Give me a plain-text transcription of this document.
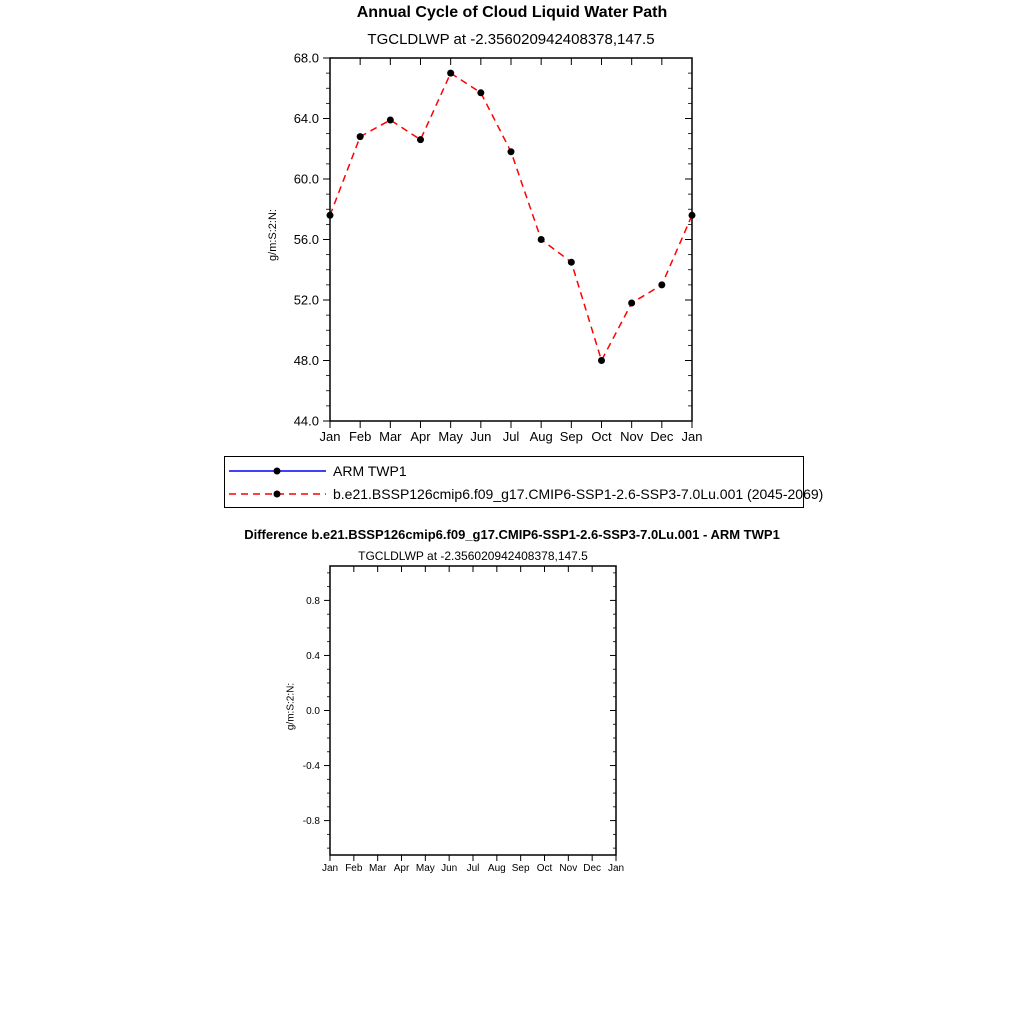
44.0
48.0
52.0
56.0
60.0
64.0
68.0
Jan Feb Mar Apr May Jun Jul Aug Sep Oct Nov Dec Jan
-0.8
-0.4
0.0
0.4
0.8
Jan Feb Mar Apr May Jun Jul Aug Sep Oct Nov Dec Jan
Annual Cycle of Cloud Liquid Water Path
TGCLDLWP at -2.356020942408378,147.5
g/m:S:2:N:
ARM TWP1
b.e21.BSSP126cmip6.f09_g17.CMIP6-SSP1-2.6-SSP3-7.0Lu.001 (2045-2069)
Difference b.e21.BSSP126cmip6.f09_g17.CMIP6-SSP1-2.6-SSP3-7.0Lu.001 - ARM TWP1
TGCLDLWP at -2.356020942408378,147.5
g/m:S:2:N:
